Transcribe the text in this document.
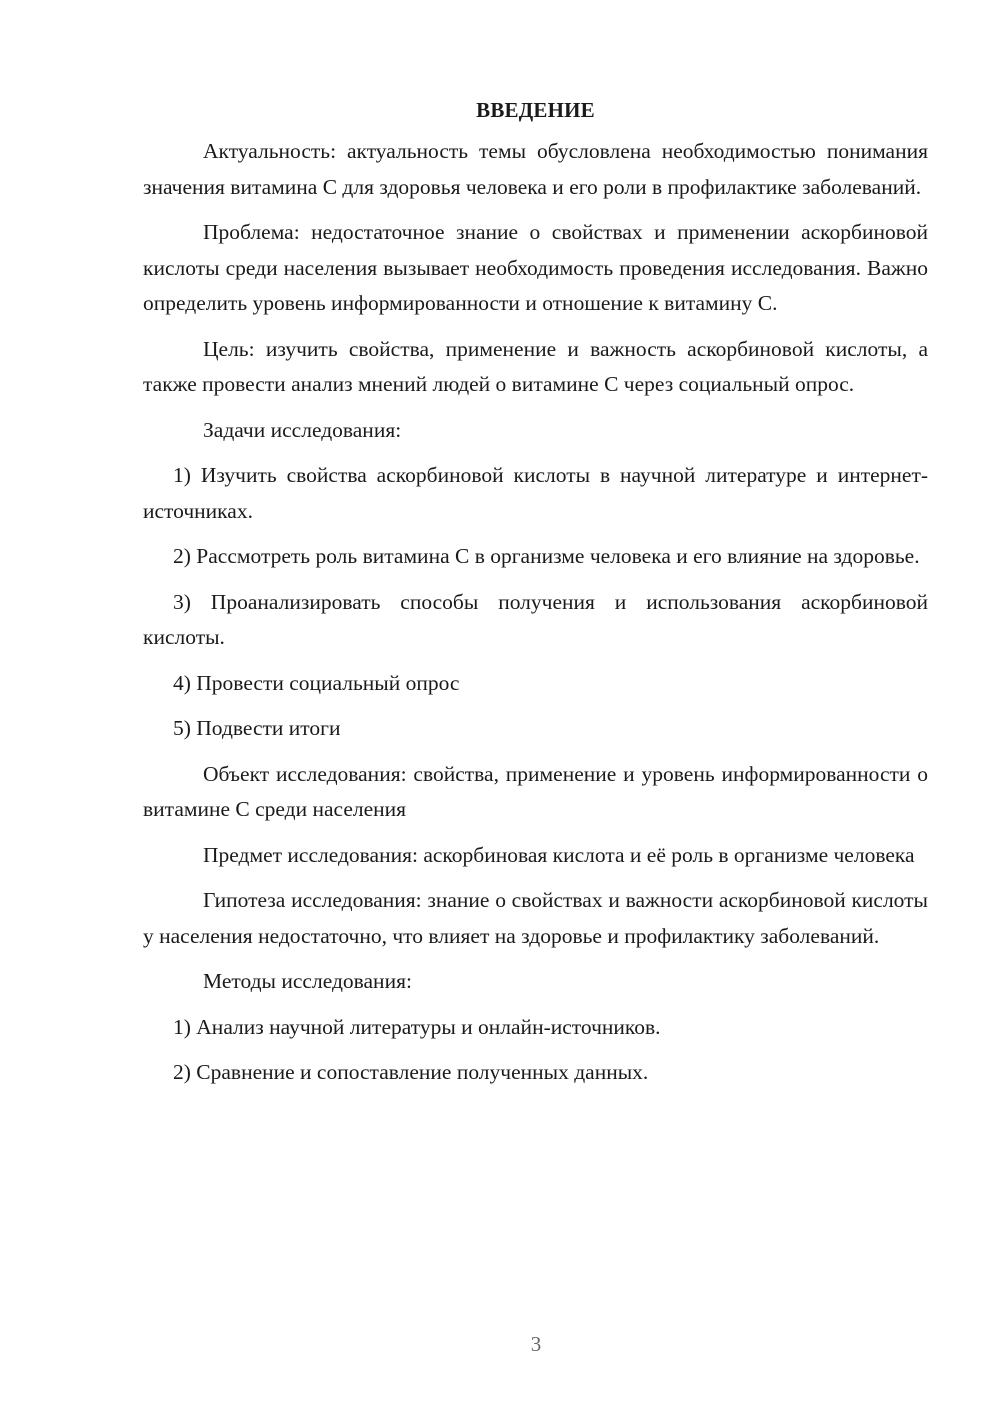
ВВЕДЕНИЕ

Актуальность: актуальность темы обусловлена необходимостью понимания значения витамина С для здоровья человека и его роли в профилактике заболеваний.

Проблема: недостаточное знание о свойствах и применении аскорбиновой кислоты среди населения вызывает необходимость проведения исследования. Важно определить уровень информированности и отношение к витамину С.

Цель: изучить свойства, применение и важность аскорбиновой кислоты, а также провести анализ мнений людей о витамине С через социальный опрос.

Задачи исследования:

1) Изучить свойства аскорбиновой кислоты в научной литературе и интернет-источниках.

2) Рассмотреть роль витамина С в организме человека и его влияние на здоровье.

3) Проанализировать способы получения и использования аскорбиновой кислоты.

4) Провести социальный опрос

5) Подвести итоги

Объект исследования: свойства, применение и уровень информированности о витамине С среди населения

Предмет исследования: аскорбиновая кислота и её роль в организме человека

Гипотеза исследования: знание о свойствах и важности аскорбиновой кислоты у населения недостаточно, что влияет на здоровье и профилактику заболеваний.

Методы исследования:

1) Анализ научной литературы и онлайн-источников.

2) Сравнение и сопоставление полученных данных.

3
